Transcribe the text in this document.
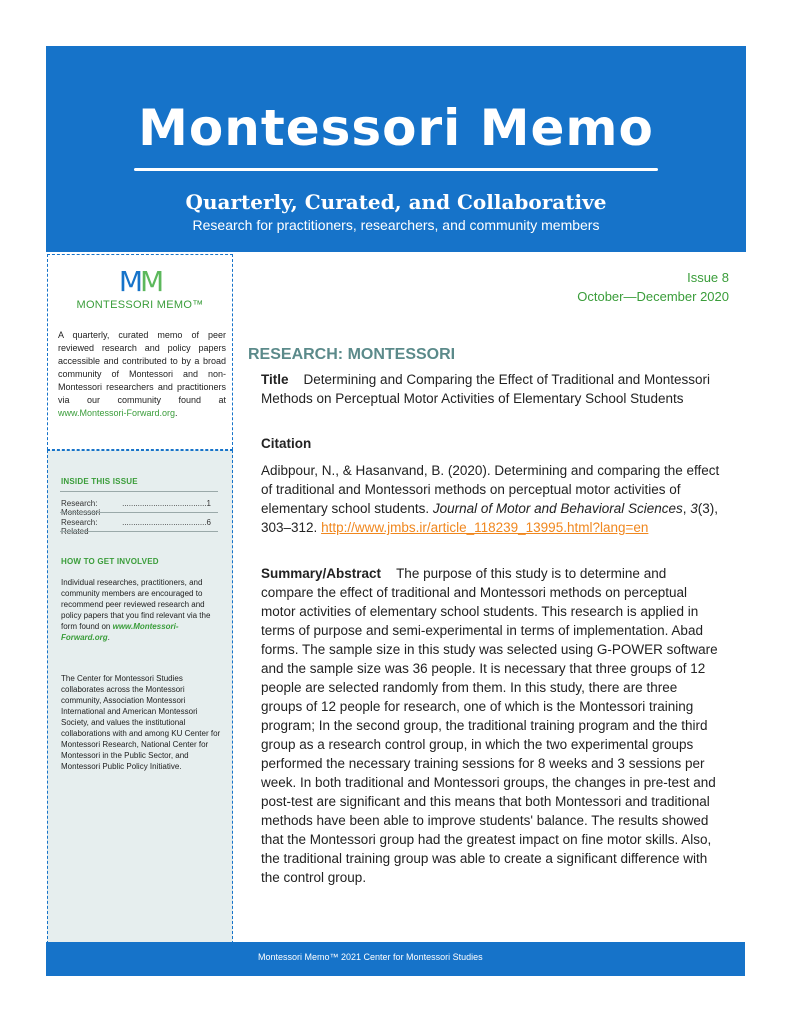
Montessori Memo
Quarterly, Curated, and Collaborative
Research for practitioners, researchers, and community members
MM
MONTESSORI MEMO™
A quarterly, curated memo of peer reviewed research and policy papers accessible and contributed to by a broad community of Montessori and non-Montessori researchers and practitioners via our community found at www.Montessori-Forward.org.
INSIDE THIS ISSUE
Research: Montessori
...................................... 1
Research: Related
...................................... 6
HOW TO GET INVOLVED
Individual researches, practitioners, and community members are encouraged to recommend peer reviewed research and policy papers that you find relevant via the form found on www.Montessori-Forward.org.
The Center for Montessori Studies collaborates across the Montessori community, Association Montessori International and American Montessori Society, and values the institutional collaborations with and among KU Center for Montessori Research, National Center for Montessori in the Public Sector, and Montessori Public Policy Initiative.
Issue 8
October—December 2020
RESEARCH: MONTESSORI
Title Determining and Comparing the Effect of Traditional and Montessori Methods on Perceptual Motor Activities of Elementary School Students
Citation
Adibpour, N., & Hasanvand, B. (2020). Determining and comparing the effect of traditional and Montessori methods on perceptual motor activities of elementary school students. Journal of Motor and Behavioral Sciences, 3(3), 303–312. http://www.jmbs.ir/article_118239_13995.html?lang=en
Summary/Abstract The purpose of this study is to determine and compare the effect of traditional and Montessori methods on perceptual motor activities of elementary school students. This research is applied in terms of purpose and semi-experimental in terms of implementation. Abad forms. The sample size in this study was selected using G-POWER software and the sample size was 36 people. It is necessary that three groups of 12 people are selected randomly from them. In this study, there are three groups of 12 people for research, one of which is the Montessori training program; In the second group, the traditional training program and the third group as a research control group, in which the two experimental groups performed the necessary training sessions for 8 weeks and 3 sessions per week. In both traditional and Montessori groups, the changes in pre-test and post-test are significant and this means that both Montessori and traditional methods have been able to improve students' balance. The results showed that the Montessori group had the greatest impact on fine motor skills. Also, the traditional training group was able to create a significant difference with the control group.
Montessori Memo™ 2021 Center for Montessori Studies
